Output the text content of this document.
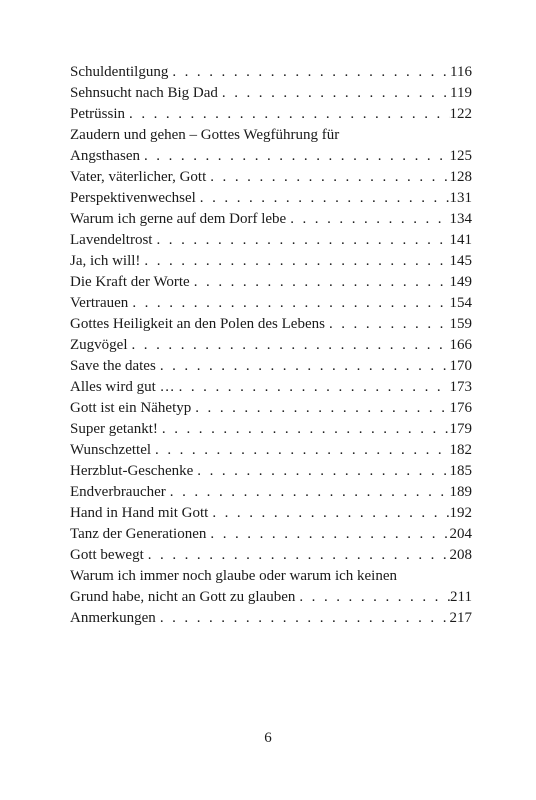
Schuldentilgung . . .	116
Sehnsucht nach Big Dad . . .	119
Petrüssin . . .	122
Zaudern und gehen – Gottes Wegführung für
Angsthasen . . .	125
Vater, väterlicher, Gott . . .	128
Perspektivenwechsel . . .	131
Warum ich gerne auf dem Dorf lebe . . .	134
Lavendeltrost . . .	141
Ja, ich will! . . .	145
Die Kraft der Worte . . .	149
Vertrauen . . .	154
Gottes Heiligkeit an den Polen des Lebens . . .	159
Zugvögel . . .	166
Save the dates . . .	170
Alles wird gut … . . .	173
Gott ist ein Nähetyp . . .	176
Super getankt! . . .	179
Wunschzettel . . .	182
Herzblut-Geschenke . . .	185
Endverbraucher . . .	189
Hand in Hand mit Gott . . .	192
Tanz der Generationen . . .	204
Gott bewegt . . .	208
Warum ich immer noch glaube oder warum ich keinen
Grund habe, nicht an Gott zu glauben . . .	211
Anmerkungen . . .	217
6
